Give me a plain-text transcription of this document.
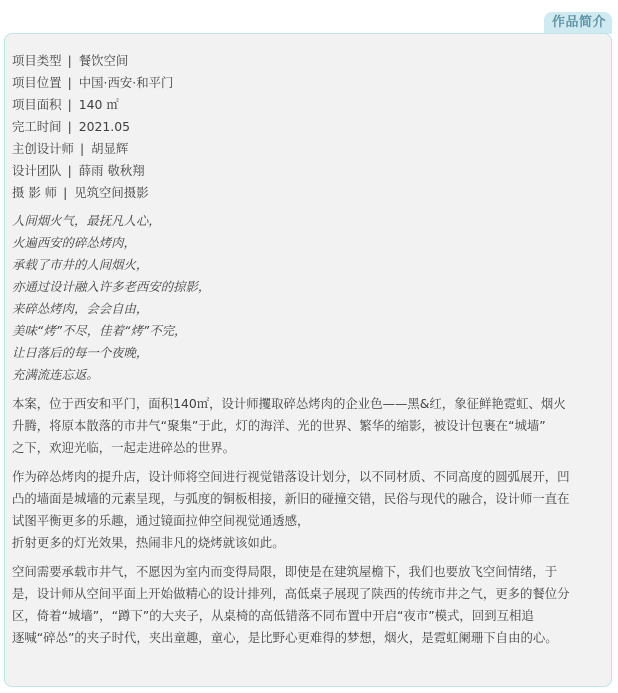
作品简介
项目类型 | 餐饮空间
项目位置 | 中国·西安·和平门
项目面积 | 140 ㎡
完工时间 | 2021.05
主创设计师 | 胡显辉
设计团队 | 薛雨 敬秋翔
摄 影 师 | 见筑空间摄影
人间烟火气，最抚凡人心，
火遍西安的碎怂烤肉，
承载了市井的人间烟火，
亦通过设计融入许多老西安的掠影，
来碎怂烤肉，会会自由，
美味“烤”不尽，佳着“烤”不完，
让日落后的每一个夜晚，
充满流连忘返。
本案，位于西安和平门，面积140㎡，设计师攫取碎怂烤肉的企业色——黑&红，象征鲜艳霓虹、烟火
升腾，将原本散落的市井气“聚集”于此，灯的海洋、光的世界、繁华的缩影，被设计包裹在“城墙”
之下，欢迎光临，一起走进碎怂的世界。
作为碎怂烤肉的提升店，设计师将空间进行视觉错落设计划分，以不同材质、不同高度的圆弧展开，凹
凸的墙面是城墙的元素呈现，与弧度的铜板相接，新旧的碰撞交错，民俗与现代的融合，设计师一直在
试图平衡更多的乐趣，通过镜面拉伸空间视觉通透感，
折射更多的灯光效果，热闹非凡的烧烤就该如此。
空间需要承载市井气，不愿因为室内而变得局限，即使是在建筑屋檐下，我们也要放飞空间情绪，于
是，设计师从空间平面上开始做精心的设计排列，高低桌子展现了陕西的传统市井之气，更多的餐位分
区，倚着“城墙”，“蹲下”的大夹子，从桌椅的高低错落不同布置中开启“夜市”模式，回到互相追
逐喊“碎怂”的夹子时代，夹出童趣，童心，是比野心更难得的梦想，烟火，是霓虹阑珊下自由的心。
